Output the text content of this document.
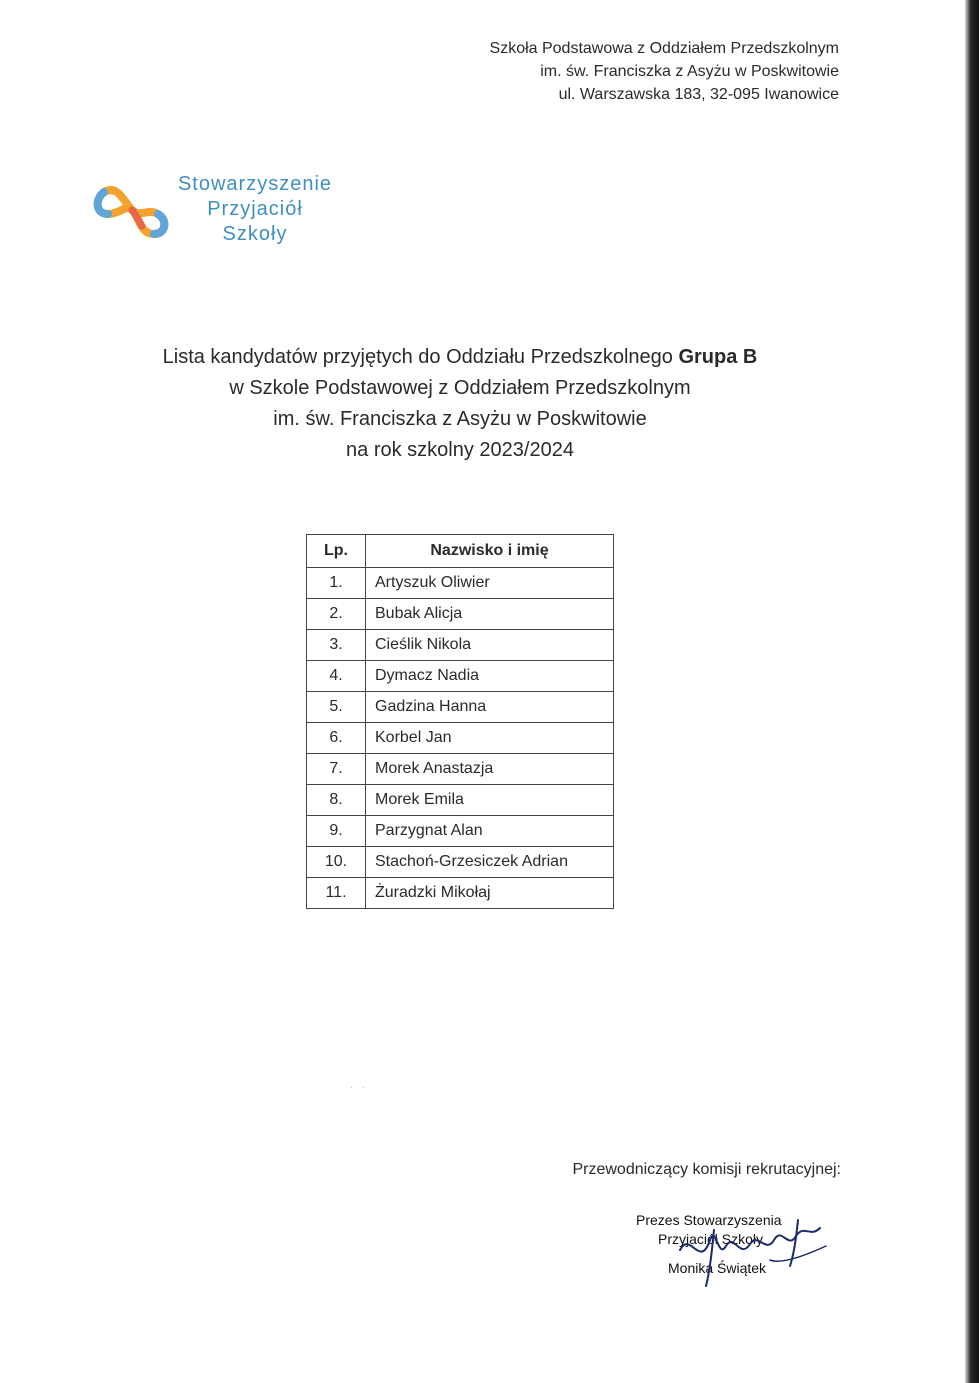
Szkoła Podstawowa z Oddziałem Przedszkolnym
im. św. Franciszka z Asyżu w Poskwitowie
ul. Warszawska 183, 32-095 Iwanowice
Stowarzyszenie
Przyjaciół
Szkoły
Lista kandydatów przyjętych do Oddziału Przedszkolnego Grupa B
w Szkole Podstawowej z Oddziałem Przedszkolnym
im. św. Franciszka z Asyżu w Poskwitowie
na rok szkolny 2023/2024
Lp.	Nazwisko i imię
1.	Artyszuk Oliwier
2.	Bubak Alicja
3.	Cieślik Nikola
4.	Dymacz Nadia
5.	Gadzina Hanna
6.	Korbel Jan
7.	Morek Anastazja
8.	Morek Emila
9.	Parzygnat Alan
10.	Stachoń-Grzesiczek Adrian
11.	Żuradzki Mikołaj
Przewodniczący komisji rekrutacyjnej:
Prezes Stowarzyszenia
Przyjaciół Szkoły
Monika Świątek
·   ·
